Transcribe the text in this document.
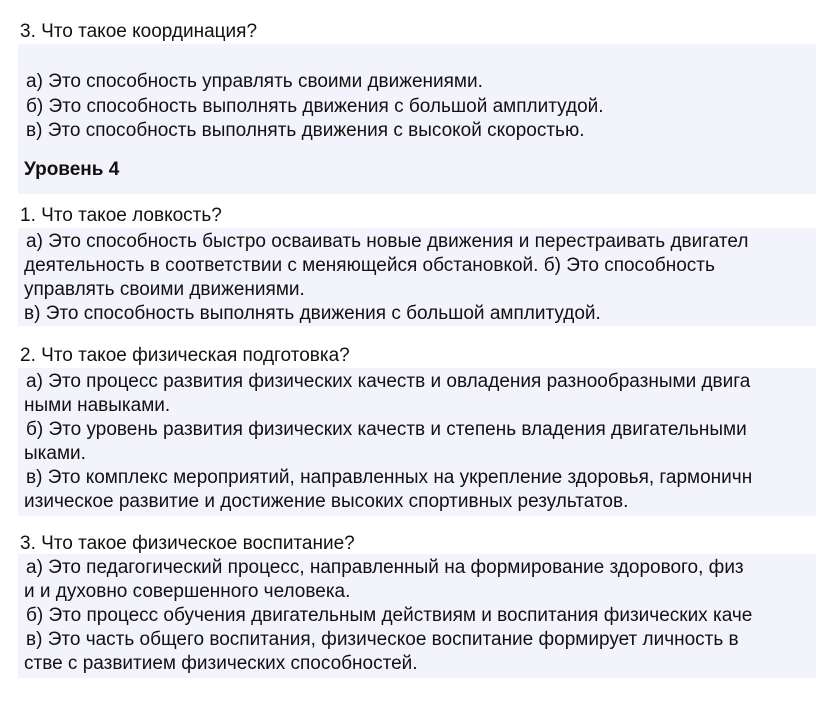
3. Что такое координация?
а) Это способность управлять своими движениями.
б) Это способность выполнять движения с большой амплитудой.
в) Это способность выполнять движения с высокой скоростью.
Уровень 4
1. Что такое ловкость?
а) Это способность быстро осваивать новые движения и перестраивать двигател
деятельность в соответствии с меняющейся обстановкой. б) Это способность
управлять своими движениями.
в) Это способность выполнять движения с большой амплитудой.
2. Что такое физическая подготовка?
а) Это процесс развития физических качеств и овладения разнообразными двига
ными навыками.
б) Это уровень развития физических качеств и степень владения двигательными
ыками.
в) Это комплекс мероприятий, направленных на укрепление здоровья, гармоничн
изическое развитие и достижение высоких спортивных результатов.
3. Что такое физическое воспитание?
а) Это педагогический процесс, направленный на формирование здорового, физ
и и духовно совершенного человека.
б) Это процесс обучения двигательным действиям и воспитания физических каче
в) Это часть общего воспитания, физическое воспитание формирует личность в
стве с развитием физических способностей.
